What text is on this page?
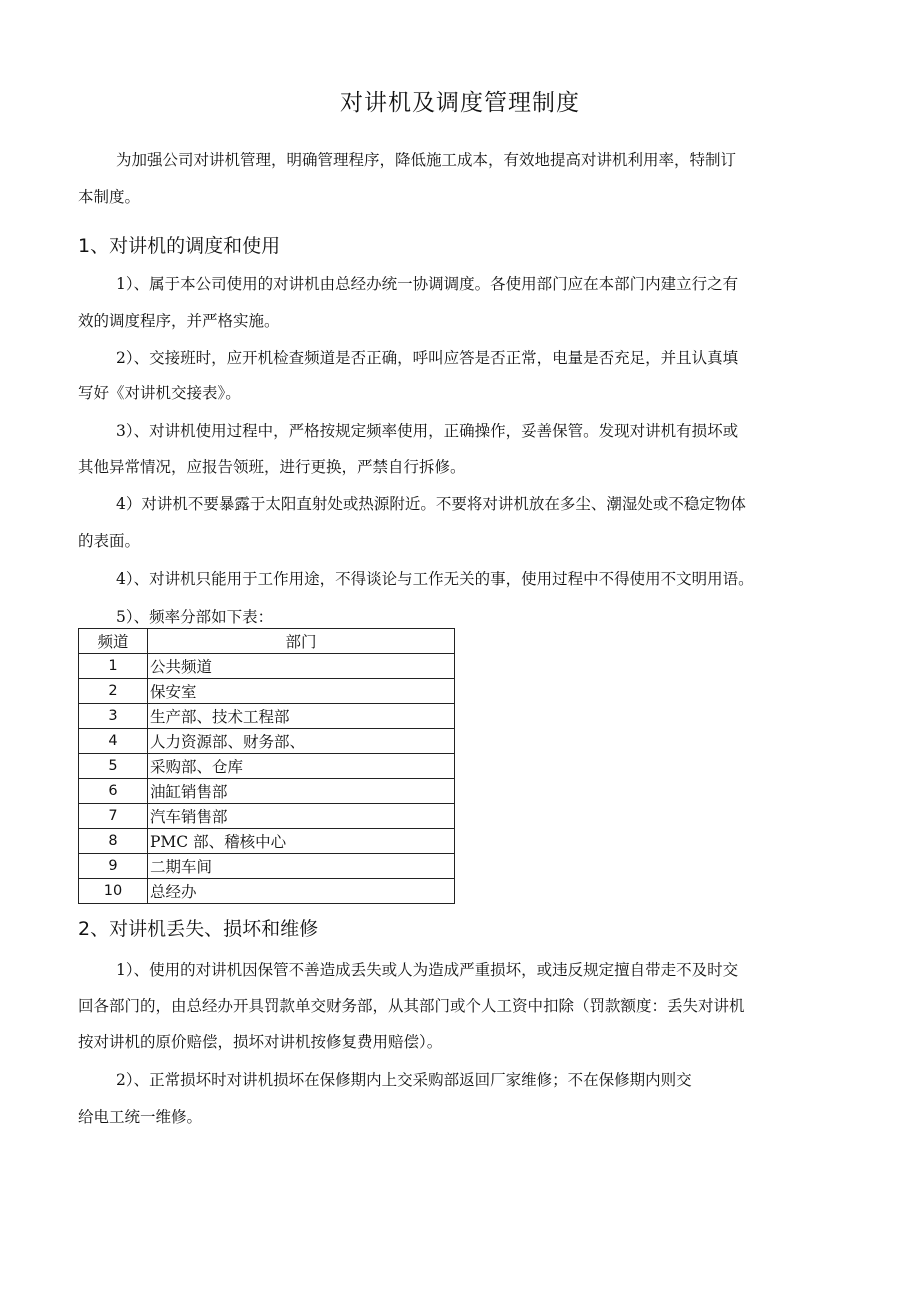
对讲机及调度管理制度

为加强公司对讲机管理，明确管理程序，降低施工成本，有效地提高对讲机利用率，特制订

本制度。

1、对讲机的调度和使用

1）、属于本公司使用的对讲机由总经办统一协调调度。各使用部门应在本部门内建立行之有

效的调度程序，并严格实施。

2）、交接班时，应开机检查频道是否正确，呼叫应答是否正常，电量是否充足，并且认真填

写好《对讲机交接表》。

3）、对讲机使用过程中，严格按规定频率使用，正确操作，妥善保管。发现对讲机有损坏或

其他异常情况，应报告领班，进行更换，严禁自行拆修。

4）对讲机不要暴露于太阳直射处或热源附近。不要将对讲机放在多尘、潮湿处或不稳定物体

的表面。

4）、对讲机只能用于工作用途，不得谈论与工作无关的事，使用过程中不得使用不文明用语。

5）、频率分部如下表：

频道	部门
1	公共频道
2	保安室
3	生产部、技术工程部
4	人力资源部、财务部、
5	采购部、仓库
6	油缸销售部
7	汽车销售部
8	PMC 部、稽核中心
9	二期车间
10	总经办
2、对讲机丢失、损坏和维修

1）、使用的对讲机因保管不善造成丢失或人为造成严重损坏，或违反规定擅自带走不及时交

回各部门的，由总经办开具罚款单交财务部，从其部门或个人工资中扣除（罚款额度：丢失对讲机

按对讲机的原价赔偿，损坏对讲机按修复费用赔偿）。

2）、正常损坏时对讲机损坏在保修期内上交采购部返回厂家维修；不在保修期内则交

给电工统一维修。
